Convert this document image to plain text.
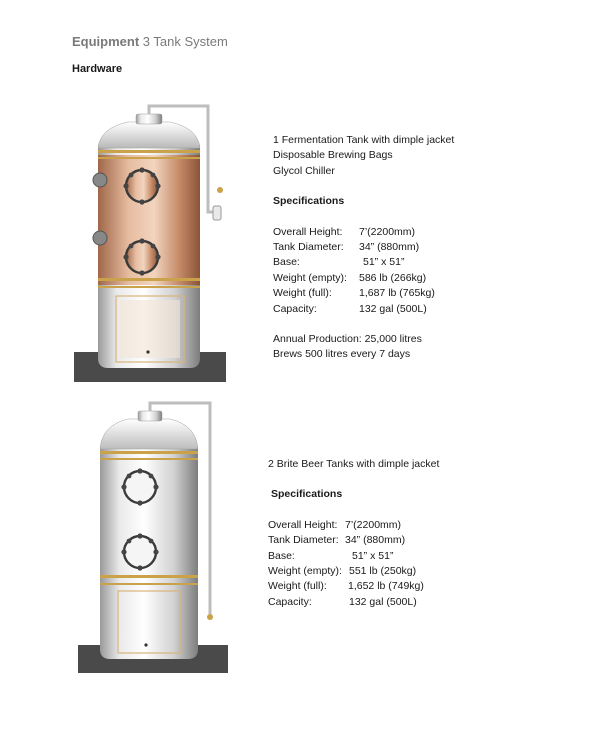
Equipment 3 Tank System
Hardware
1 Fermentation Tank with dimple jacket
Disposable Brewing Bags
Glycol Chiller
Specifications
Overall Height:	7’(2200mm)
Tank Diameter:	34” (880mm)
Base:	51” x 51”
Weight (empty):	586 lb (266kg)
Weight (full):	1,687 lb (765kg)
Capacity:	132 gal (500L)
Annual Production: 25,000 litres
Brews 500 litres every 7 days
2 Brite Beer Tanks with dimple jacket
Specifications
Overall Height: 7’(2200mm)
Tank Diameter: 34” (880mm)
Base:	51” x 51”
Weight (empty): 551 lb (250kg)
Weight (full):	1,652 lb (749kg)
Capacity:	132 gal (500L)
